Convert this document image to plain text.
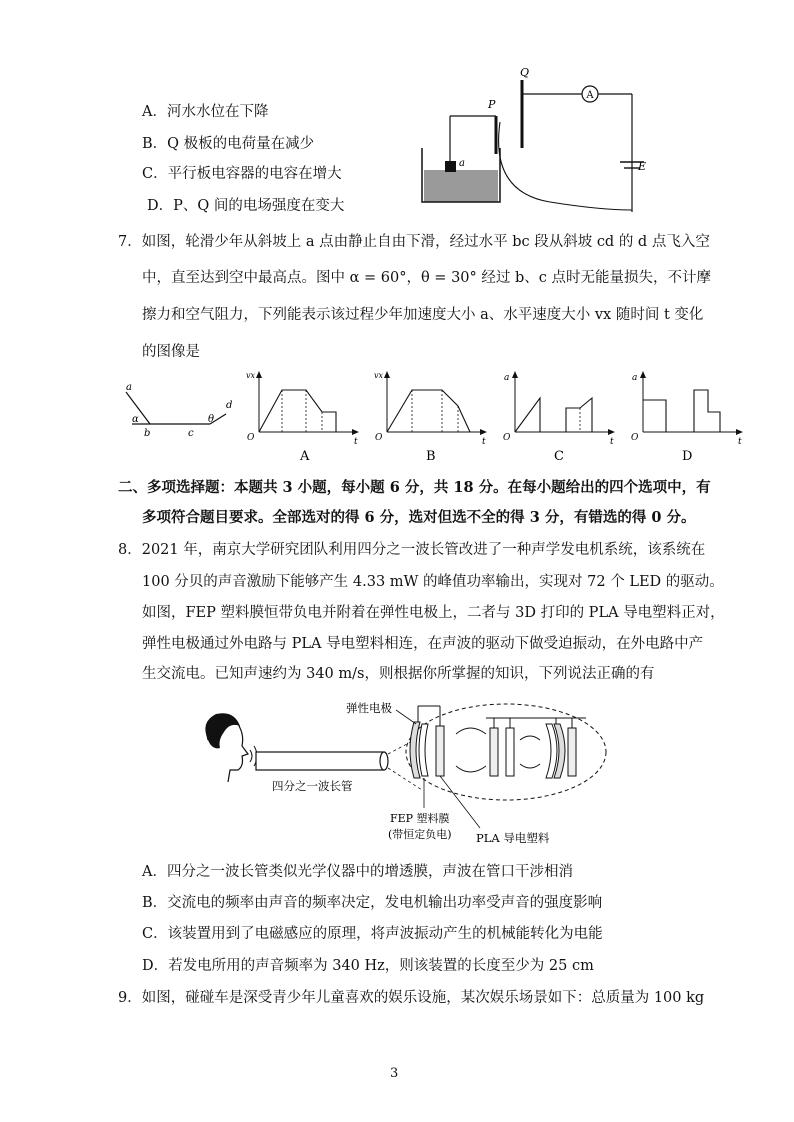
A．河水水位在下降
B．Q 极板的电荷量在减少
C．平行板电容器的电容在增大
D．P、Q 间的电场强度在变大
A
Q
P
a	E
7．如图，轮滑少年从斜坡上 a 点由静止自由下滑，经过水平 bc 段从斜坡 cd 的 d 点飞入空
中，直至达到空中最高点。图中 α = 60°，θ = 30° 经过 b、c 点时无能量损失，不计摩
擦力和空气阻力，下列能表示该过程少年加速度大小 a、水平速度大小 vx 随时间 t 变化
的图像是
a
α
b	c
θ
d
vx
O	t
A
vx
O	t
B
a
O	t
C
a
O	t
D
二、多项选择题：本题共 3 小题，每小题 6 分，共 18 分。在每小题给出的四个选项中，有
多项符合题目要求。全部选对的得 6 分，选对但选不全的得 3 分，有错选的得 0 分。
8．2021 年，南京大学研究团队利用四分之一波长管改进了一种声学发电机系统，该系统在
100 分贝的声音激励下能够产生 4.33 mW 的峰值功率输出，实现对 72 个 LED 的驱动。
如图，FEP 塑料膜恒带负电并附着在弹性电极上，二者与 3D 打印的 PLA 导电塑料正对，
弹性电极通过外电路与 PLA 导电塑料相连，在声波的驱动下做受迫振动，在外电路中产
生交流电。已知声速约为 340 m/s，则根据你所掌握的知识，下列说法正确的有
四分之一波长管
弹性电极
FEP 塑料膜
(带恒定负电) PLA 导电塑料
A．四分之一波长管类似光学仪器中的增透膜，声波在管口干涉相消
B．交流电的频率由声音的频率决定，发电机输出功率受声音的强度影响
C．该装置用到了电磁感应的原理，将声波振动产生的机械能转化为电能
D．若发电所用的声音频率为 340 Hz，则该装置的长度至少为 25 cm
9．如图，碰碰车是深受青少年儿童喜欢的娱乐设施，某次娱乐场景如下：总质量为 100 kg
3
